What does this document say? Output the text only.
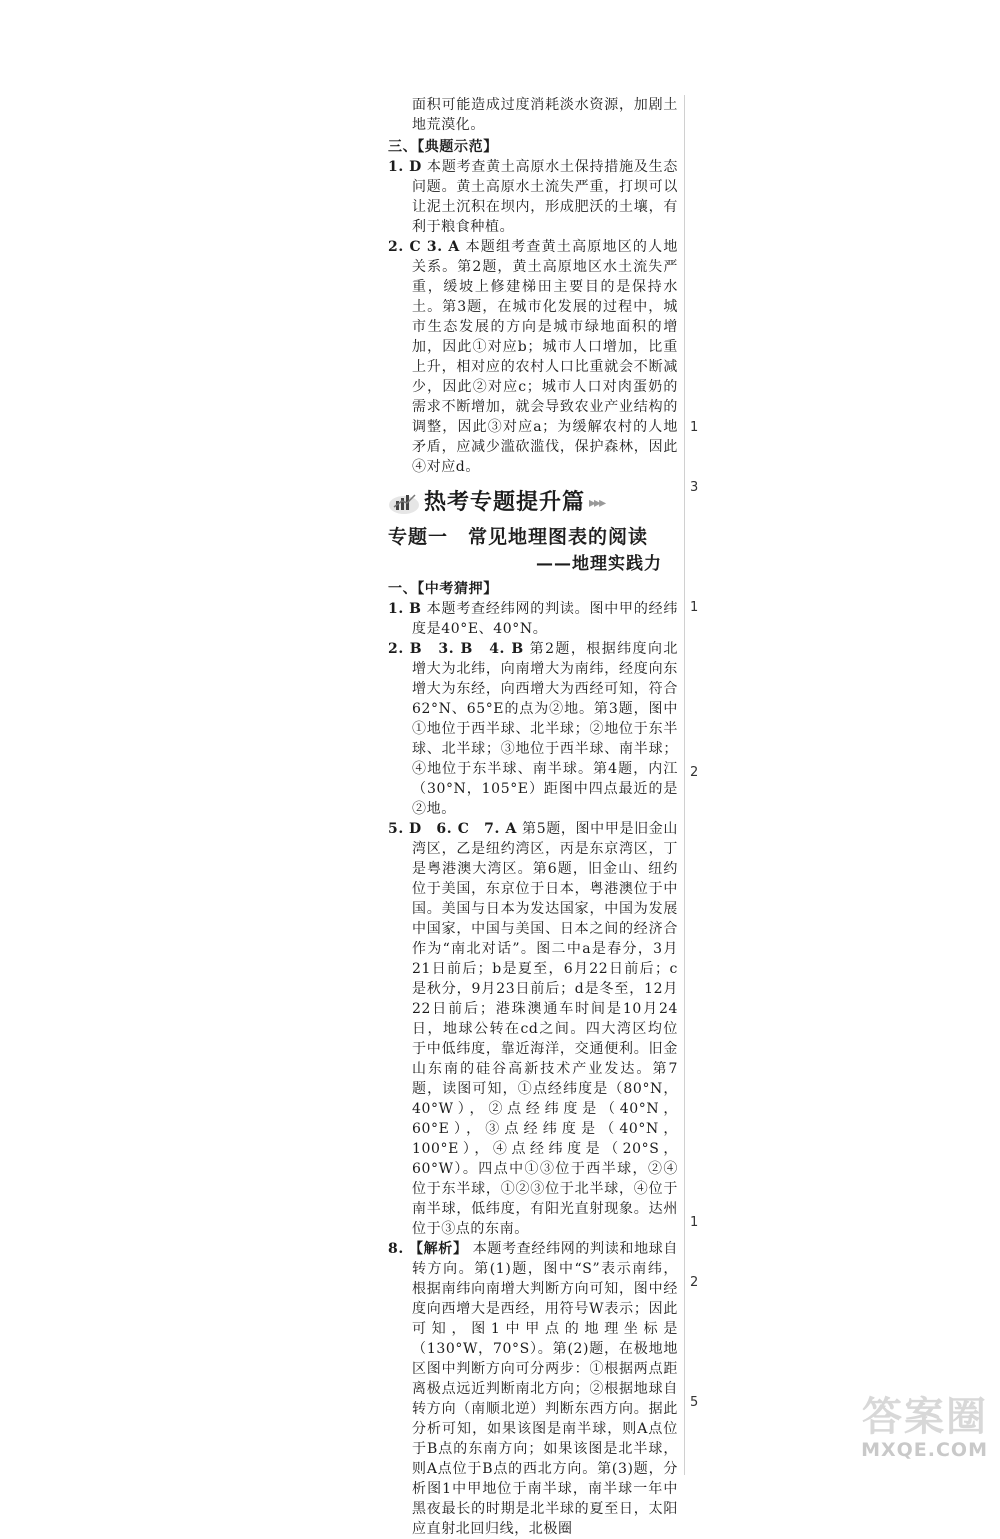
面积可能造成过度消耗淡水资源，加剧土地荒漠化。

三、【典题示范】

1. D 本题考查黄土高原水土保持措施及生态问题。黄土高原水土流失严重，打坝可以让泥土沉积在坝内，形成肥沃的土壤，有利于粮食种植。

2. C 3. A 本题组考查黄土高原地区的人地关系。第2题，黄土高原地区水土流失严重，缓坡上修建梯田主要目的是保持水土。第3题，在城市化发展的过程中，城市生态发展的方向是城市绿地面积的增加，因此①对应b；城市人口增加，比重上升，相对应的农村人口比重就会不断减少，因此②对应c；城市人口对肉蛋奶的需求不断增加，就会导致农业产业结构的调整，因此③对应a；为缓解农村的人地矛盾，应减少滥砍滥伐，保护森林，因此④对应d。

热考专题提升篇 ▸▸▸
专题一　常见地理图表的阅读
——地理实践力

一、【中考猜押】

1. B 本题考查经纬网的判读。图中甲的经纬度是40°E、40°N。

2. B　3. B　4. B 第2题，根据纬度向北增大为北纬，向南增大为南纬，经度向东增大为东经，向西增大为西经可知，符合62°N、65°E的点为②地。第3题，图中①地位于西半球、北半球；②地位于东半球、北半球；③地位于西半球、南半球；④地位于东半球、南半球。第4题，内江（30°N，105°E）距图中四点最近的是②地。

5. D　6. C　7. A 第5题，图中甲是旧金山湾区，乙是纽约湾区，丙是东京湾区，丁是粤港澳大湾区。第6题，旧金山、纽约位于美国，东京位于日本，粤港澳位于中国。美国与日本为发达国家，中国为发展中国家，中国与美国、日本之间的经济合作为“南北对话”。图二中a是春分，3月21日前后；b是夏至，6月22日前后；c是秋分，9月23日前后；d是冬至，12月22日前后；港珠澳通车时间是10月24日，地球公转在cd之间。四大湾区均位于中低纬度，靠近海洋，交通便利。旧金山东南的硅谷高新技术产业发达。第7题，读图可知，①点经纬度是（80°N，40°W），②点经纬度是（40°N，60°E），③点经纬度是（40°N，100°E），④点经纬度是（20°S，60°W）。四点中①③位于西半球，②④位于东半球，①②③位于北半球，④位于南半球，低纬度，有阳光直射现象。达州位于③点的东南。

8. 【解析】 本题考查经纬网的判读和地球自转方向。第(1)题，图中“S”表示南纬，根据南纬向南增大判断方向可知，图中经度向西增大是西经，用符号W表示；因此可知，图1中甲点的地理坐标是（130°W，70°S）。第(2)题，在极地地区图中判断方向可分两步：①根据两点距离极点远近判断南北方向；②根据地球自转方向（南顺北逆）判断东西方向。据此分析可知，如果该图是南半球，则A点位于B点的东南方向；如果该图是北半球，则A点位于B点的西北方向。第(3)题，分析图1中甲地位于南半球，南半球一年中黑夜最长的时期是北半球的夏至日，太阳应直射北回归线，北极圈

1
3
1
2
1
2
5	答案圈
MXQE.COM
